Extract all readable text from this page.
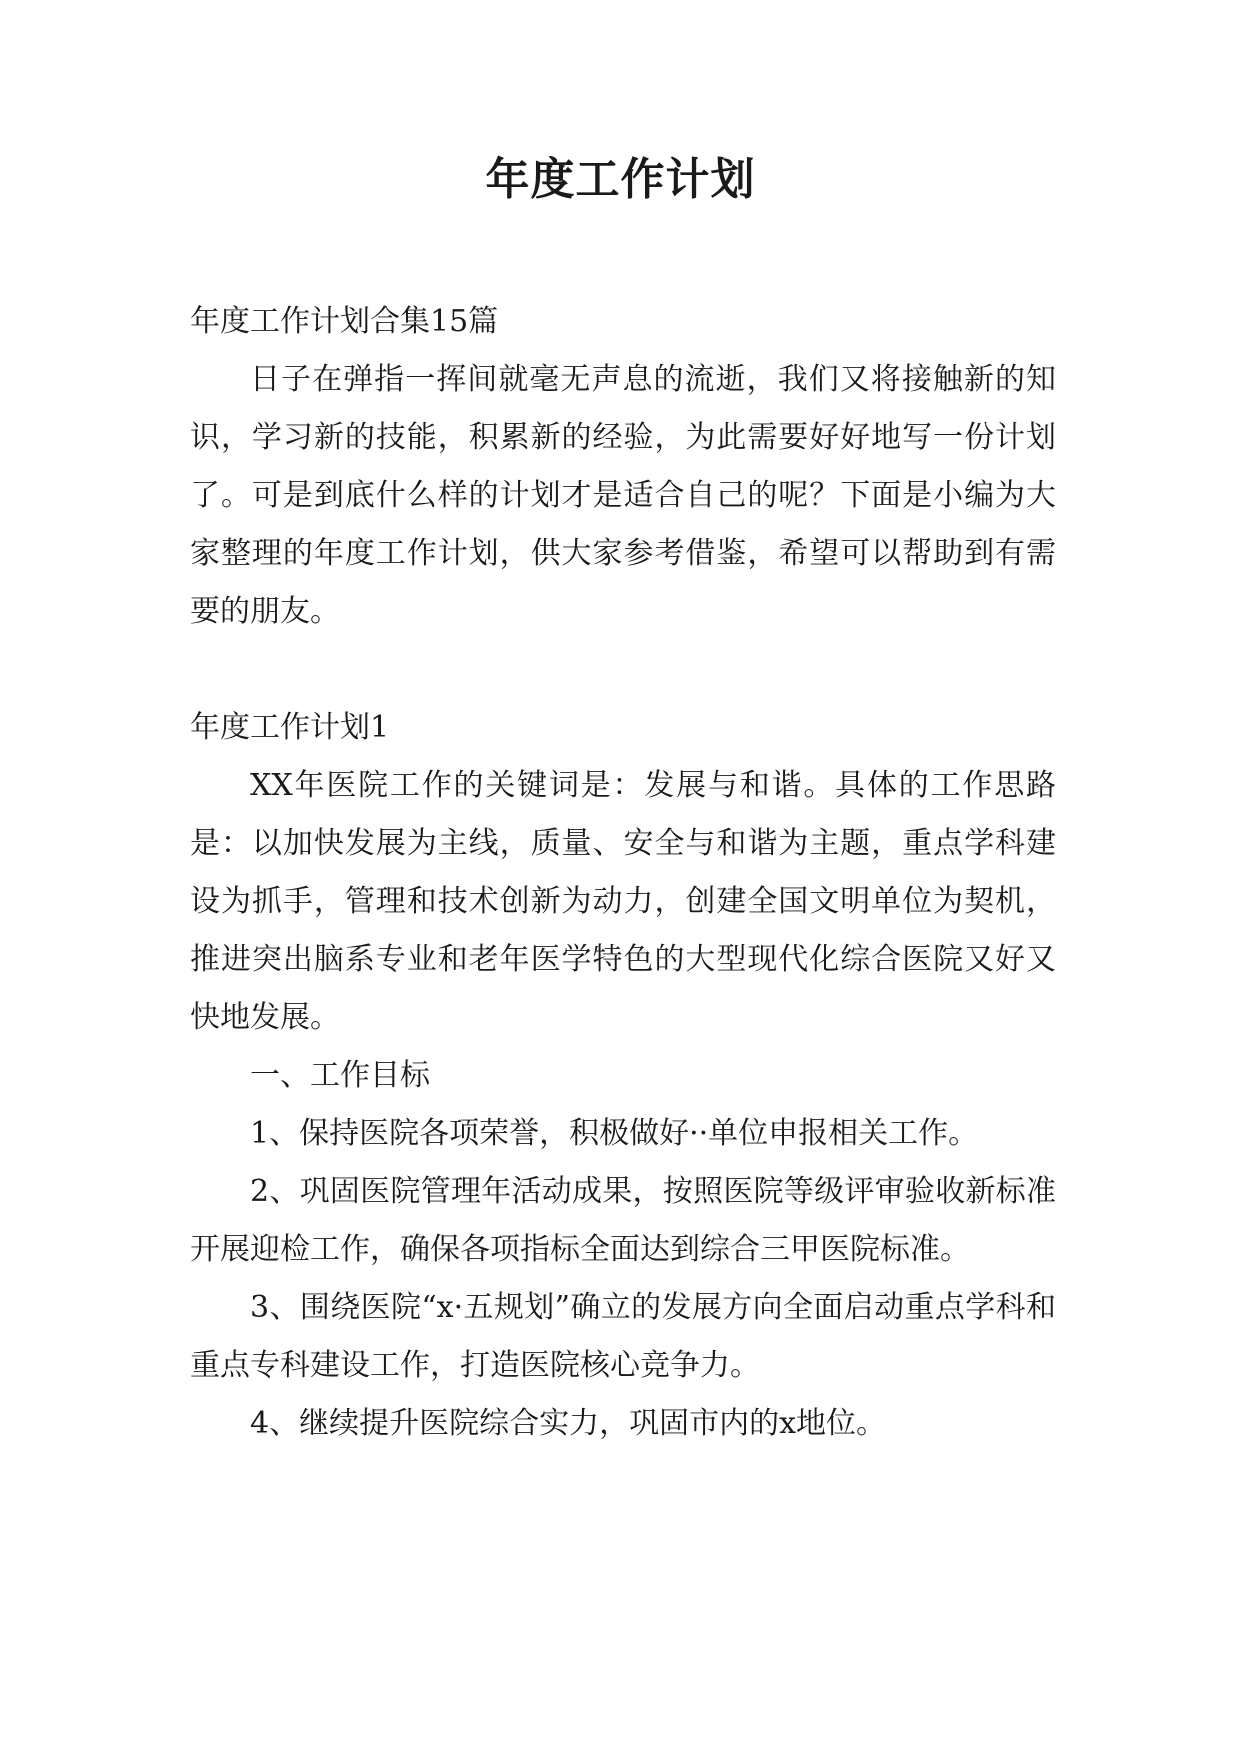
年度工作计划

年度工作计划合集15篇

日子在弹指一挥间就毫无声息的流逝，我们又将接触新的知识，学习新的技能，积累新的经验，为此需要好好地写一份计划了。可是到底什么样的计划才是适合自己的呢？下面是小编为大家整理的年度工作计划，供大家参考借鉴，希望可以帮助到有需要的朋友。

年度工作计划1

XX年医院工作的关键词是：发展与和谐。具体的工作思路是：以加快发展为主线，质量、安全与和谐为主题，重点学科建设为抓手，管理和技术创新为动力，创建全国文明单位为契机，推进突出脑系专业和老年医学特色的大型现代化综合医院又好又快地发展。

一、工作目标

1、保持医院各项荣誉，积极做好··单位申报相关工作。

2、巩固医院管理年活动成果，按照医院等级评审验收新标准开展迎检工作，确保各项指标全面达到综合三甲医院标准。

3、围绕医院“x·五规划”确立的发展方向全面启动重点学科和重点专科建设工作，打造医院核心竞争力。

4、继续提升医院综合实力，巩固市内的x地位。
